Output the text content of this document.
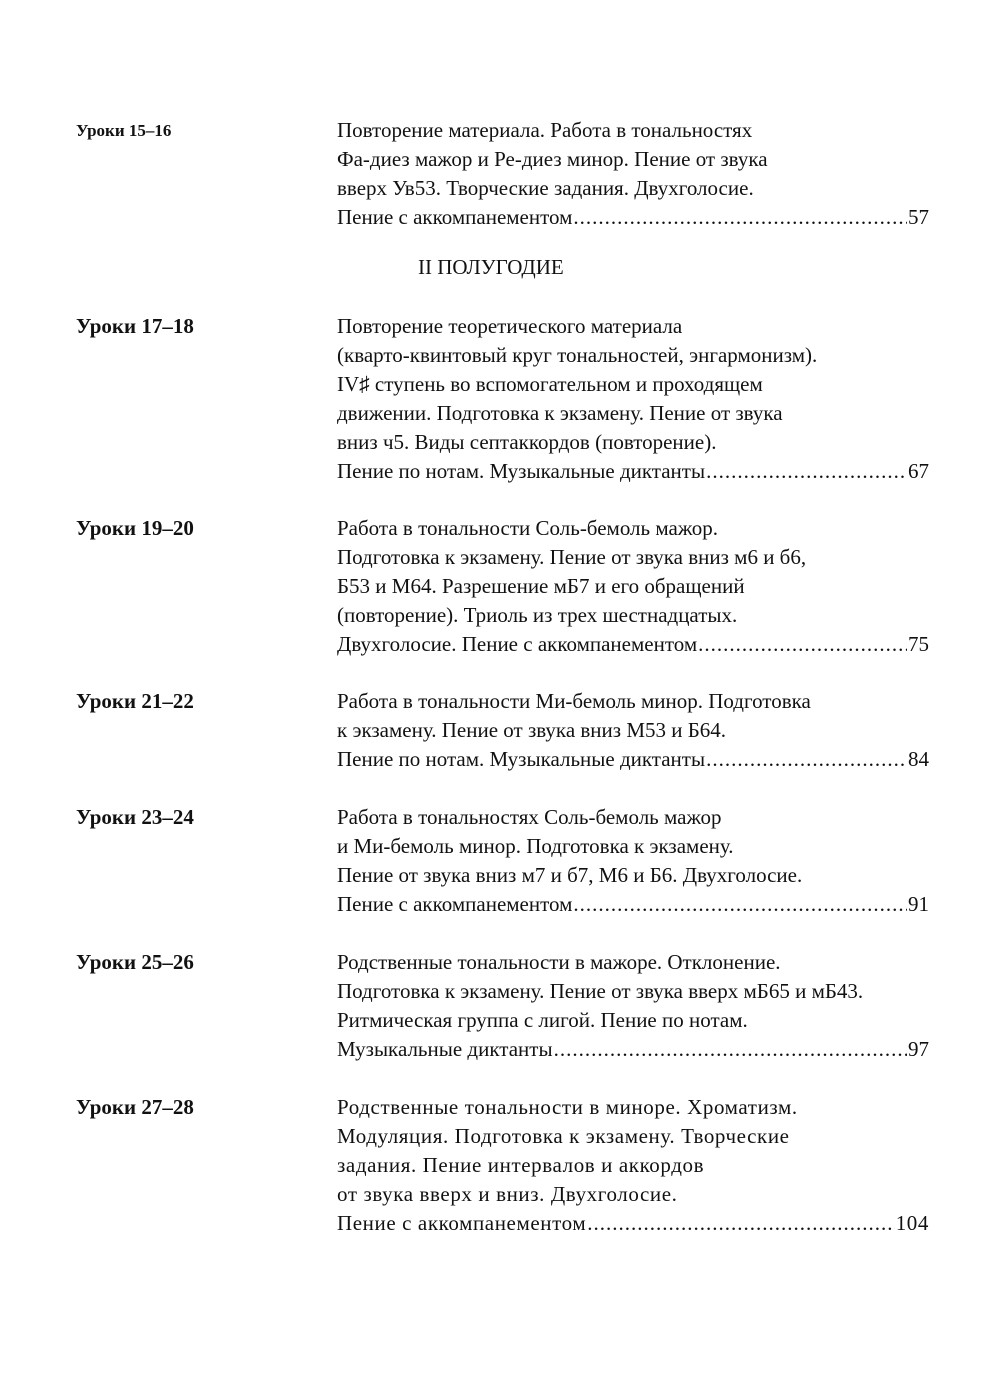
Уроки 15–16	Повторение материала. Работа в тональностях
Фа-диез мажор и Ре-диез минор. Пение от звука
вверх Ув53. Творческие задания. Двухголосие.
Пение с аккомпанементом .....	57
II ПОЛУГОДИЕ
Уроки 17–18	Повторение теоретического материала
(кварто-квинтовый круг тональностей, энгармонизм).
IV♯ ступень во вспомогательном и проходящем
движении. Подготовка к экзамену. Пение от звука
вниз ч5. Виды септаккордов (повторение).
Пение по нотам. Музыкальные диктанты .....	67
Уроки 19–20	Работа в тональности Соль-бемоль мажор.
Подготовка к экзамену. Пение от звука вниз м6 и б6,
Б53 и М64. Разрешение мБ7 и его обращений
(повторение). Триоль из трех шестнадцатых.
Двухголосие. Пение с аккомпанементом .....	75
Уроки 21–22	Работа в тональности Ми-бемоль минор. Подготовка
к экзамену. Пение от звука вниз М53 и Б64.
Пение по нотам. Музыкальные диктанты .....	84
Уроки 23–24	Работа в тональностях Соль-бемоль мажор
и Ми-бемоль минор. Подготовка к экзамену.
Пение от звука вниз м7 и б7, М6 и Б6. Двухголосие.
Пение с аккомпанементом .....	91
Уроки 25–26	Родственные тональности в мажоре. Отклонение.
Подготовка к экзамену. Пение от звука вверх мБ65 и мБ43.
Ритмическая группа с лигой. Пение по нотам.
Музыкальные диктанты .....	97
Уроки 27–28	Родственные тональности в миноре. Хроматизм.
Модуляция. Подготовка к экзамену. Творческие
задания. Пение интервалов и аккордов
от звука вверх и вниз. Двухголосие.
Пение с аккомпанементом .....	104
